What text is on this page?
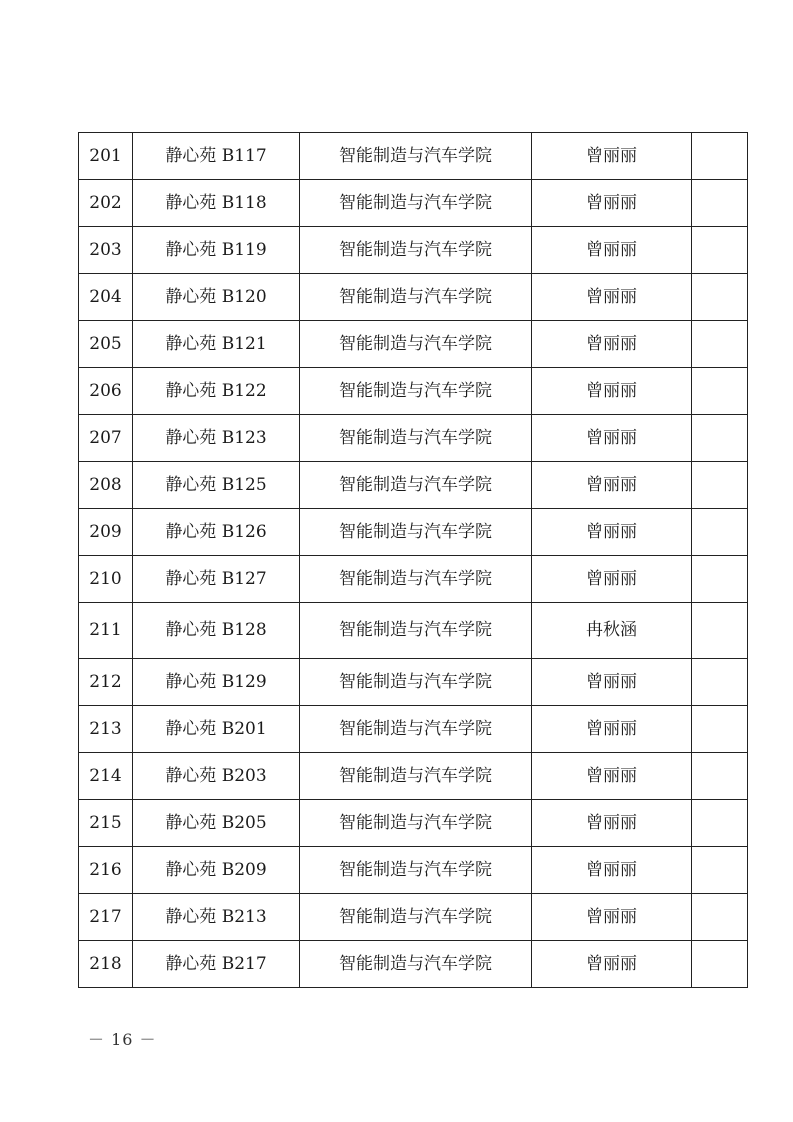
201	静心苑 B117	智能制造与汽车学院	曾丽丽	
202	静心苑 B118	智能制造与汽车学院	曾丽丽	
203	静心苑 B119	智能制造与汽车学院	曾丽丽	
204	静心苑 B120	智能制造与汽车学院	曾丽丽	
205	静心苑 B121	智能制造与汽车学院	曾丽丽	
206	静心苑 B122	智能制造与汽车学院	曾丽丽	
207	静心苑 B123	智能制造与汽车学院	曾丽丽	
208	静心苑 B125	智能制造与汽车学院	曾丽丽	
209	静心苑 B126	智能制造与汽车学院	曾丽丽	
210	静心苑 B127	智能制造与汽车学院	曾丽丽	
211	静心苑 B128	智能制造与汽车学院	冉秋涵	
212	静心苑 B129	智能制造与汽车学院	曾丽丽	
213	静心苑 B201	智能制造与汽车学院	曾丽丽	
214	静心苑 B203	智能制造与汽车学院	曾丽丽	
215	静心苑 B205	智能制造与汽车学院	曾丽丽	
216	静心苑 B209	智能制造与汽车学院	曾丽丽	
217	静心苑 B213	智能制造与汽车学院	曾丽丽	
218	静心苑 B217	智能制造与汽车学院	曾丽丽	
－ 16 －
